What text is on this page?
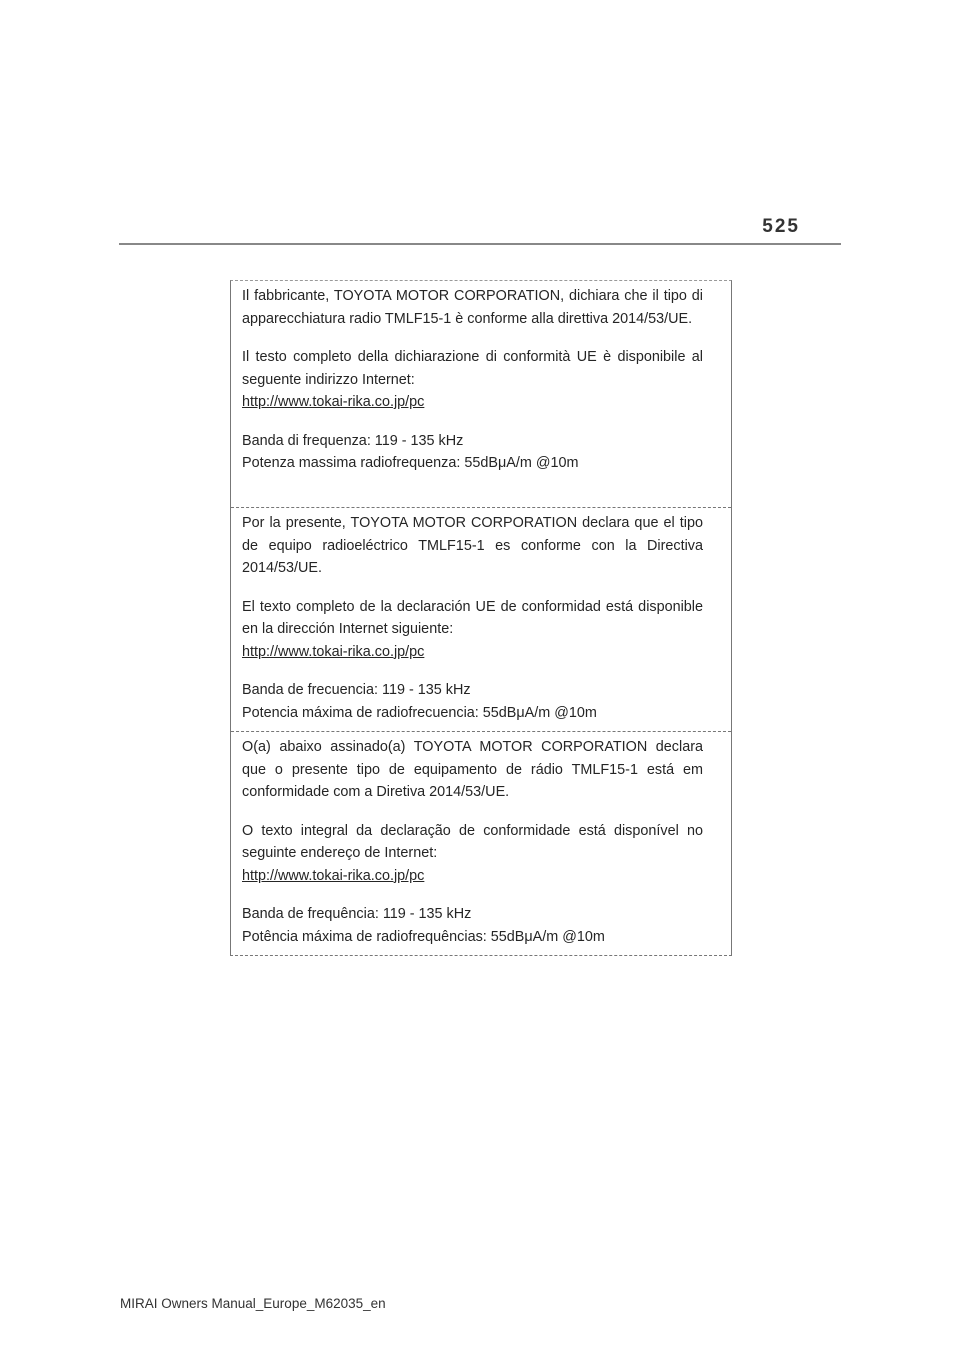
525

Il fabbricante, TOYOTA MOTOR CORPORATION, dichiara che il tipo di apparecchiatura radio TMLF15-1 è conforme alla direttiva 2014/53/UE.

Il testo completo della dichiarazione di conformità UE è disponibile al seguente indirizzo Internet:

http://www.tokai-rika.co.jp/pc

Banda di frequenza: 119 - 135 kHz

Potenza massima radiofrequenza: 55dBμA/m @10m

Por la presente, TOYOTA MOTOR CORPORATION declara que el tipo de equipo radioeléctrico TMLF15-1 es conforme con la Directiva 2014/53/UE.

El texto completo de la declaración UE de conformidad está disponible en la dirección Internet siguiente:

http://www.tokai-rika.co.jp/pc

Banda de frecuencia: 119 - 135 kHz

Potencia máxima de radiofrecuencia: 55dBμA/m @10m

O(a) abaixo assinado(a) TOYOTA MOTOR CORPORATION declara que o presente tipo de equipamento de rádio TMLF15-1 está em conformidade com a Diretiva 2014/53/UE.

O texto integral da declaração de conformidade está disponível no seguinte endereço de Internet:

http://www.tokai-rika.co.jp/pc

Banda de frequência: 119 - 135 kHz

Potência máxima de radiofrequências: 55dBμA/m @10m

MIRAI Owners Manual_Europe_M62035_en
